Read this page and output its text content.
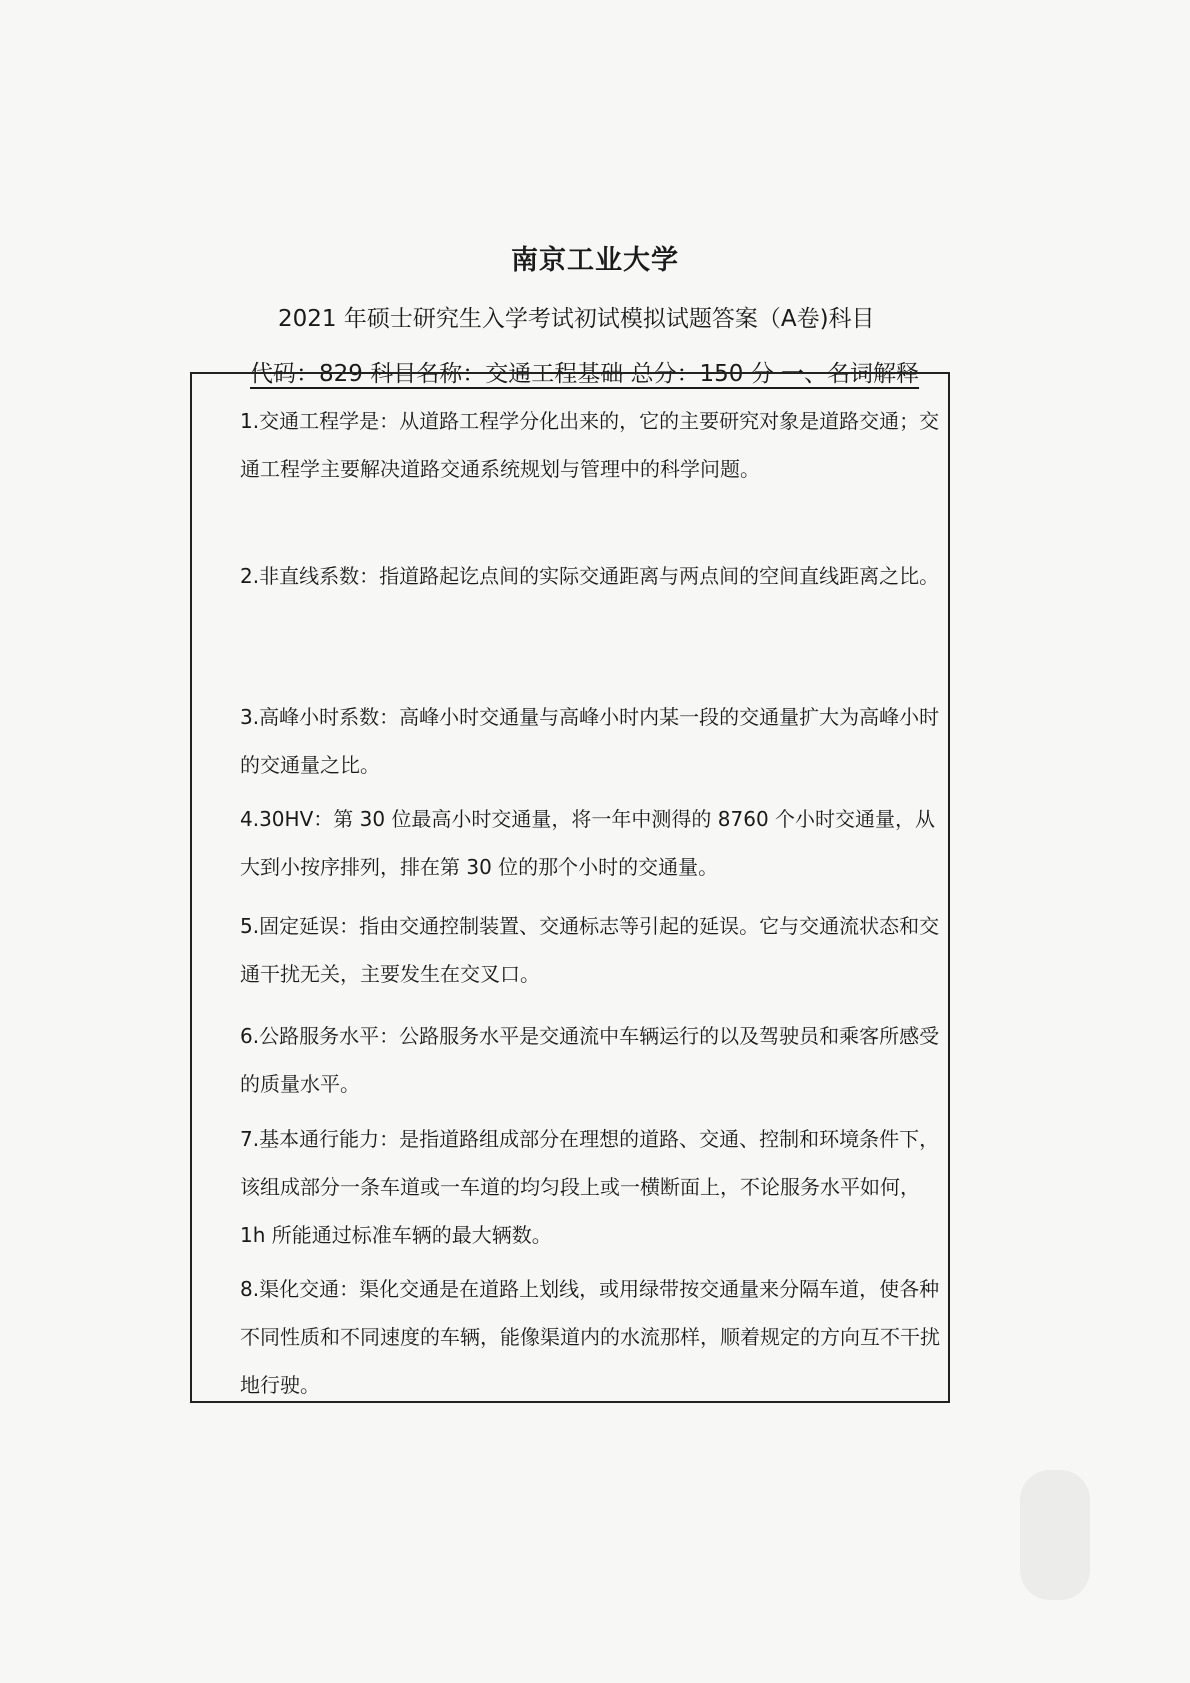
南京工业大学
2021 年硕士研究生入学考试初试模拟试题答案（A卷)科目
代码：829 科目名称：交通工程基础 总分：150 分 一、名词解释
1.交通工程学是：从道路工程学分化出来的，它的主要研究对象是道路交通；交通工程学主要解决道路交通系统规划与管理中的科学问题。
2.非直线系数：指道路起讫点间的实际交通距离与两点间的空间直线距离之比。
3.高峰小时系数：高峰小时交通量与高峰小时内某一段的交通量扩大为高峰小时的交通量之比。
4.30HV：第 30 位最高小时交通量，将一年中测得的 8760 个小时交通量，从大到小按序排列，排在第 30 位的那个小时的交通量。
5.固定延误：指由交通控制装置、交通标志等引起的延误。它与交通流状态和交通干扰无关，主要发生在交叉口。
6.公路服务水平：公路服务水平是交通流中车辆运行的以及驾驶员和乘客所感受的质量水平。
7.基本通行能力：是指道路组成部分在理想的道路、交通、控制和环境条件下，该组成部分一条车道或一车道的均匀段上或一横断面上，不论服务水平如何，1h 所能通过标准车辆的最大辆数。
8.渠化交通：渠化交通是在道路上划线，或用绿带按交通量来分隔车道，使各种不同性质和不同速度的车辆，能像渠道内的水流那样，顺着规定的方向互不干扰地行驶。
